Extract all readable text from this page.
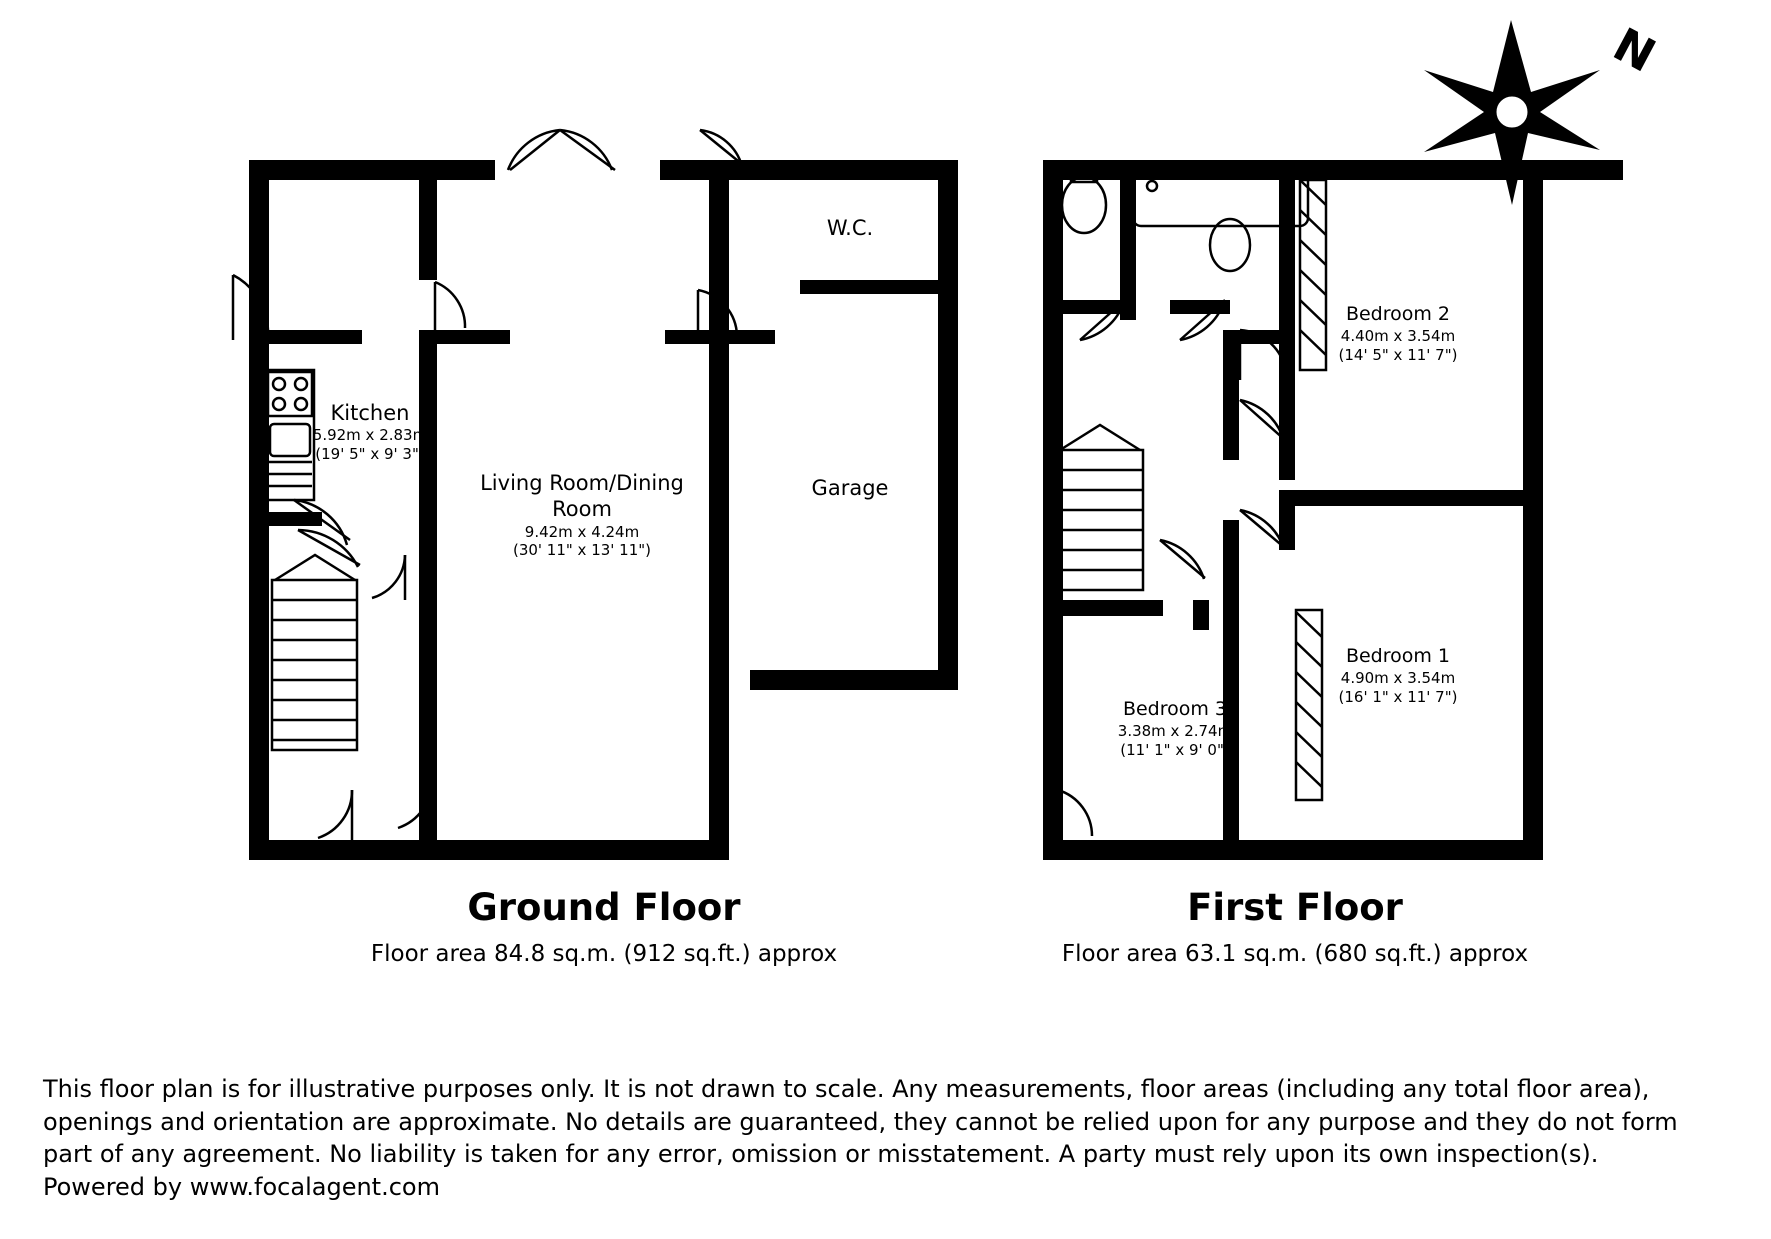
N
W.C.
Kitchen
5.92m x 2.83m
(19' 5" x 9' 3")
Living Room/Dining
Room
9.42m x 4.24m
(30' 11" x 13' 11")
Garage
Bedroom 2
4.40m x 3.54m
(14' 5" x 11' 7")
Bedroom 1
4.90m x 3.54m
(16' 1" x 11' 7")
Bedroom 3
3.38m x 2.74m
(11' 1" x 9' 0")
Ground Floor
Floor area 84.8 sq.m. (912 sq.ft.) approx
First Floor
Floor area 63.1 sq.m. (680 sq.ft.) approx
This floor plan is for illustrative purposes only. It is not drawn to scale. Any measurements, floor areas (including any total floor area), openings and orientation are approximate. No details are guaranteed, they cannot be relied upon for any purpose and they do not form part of any agreement. No liability is taken for any error, omission or misstatement. A party must rely upon its own inspection(s).
Powered by www.focalagent.com
